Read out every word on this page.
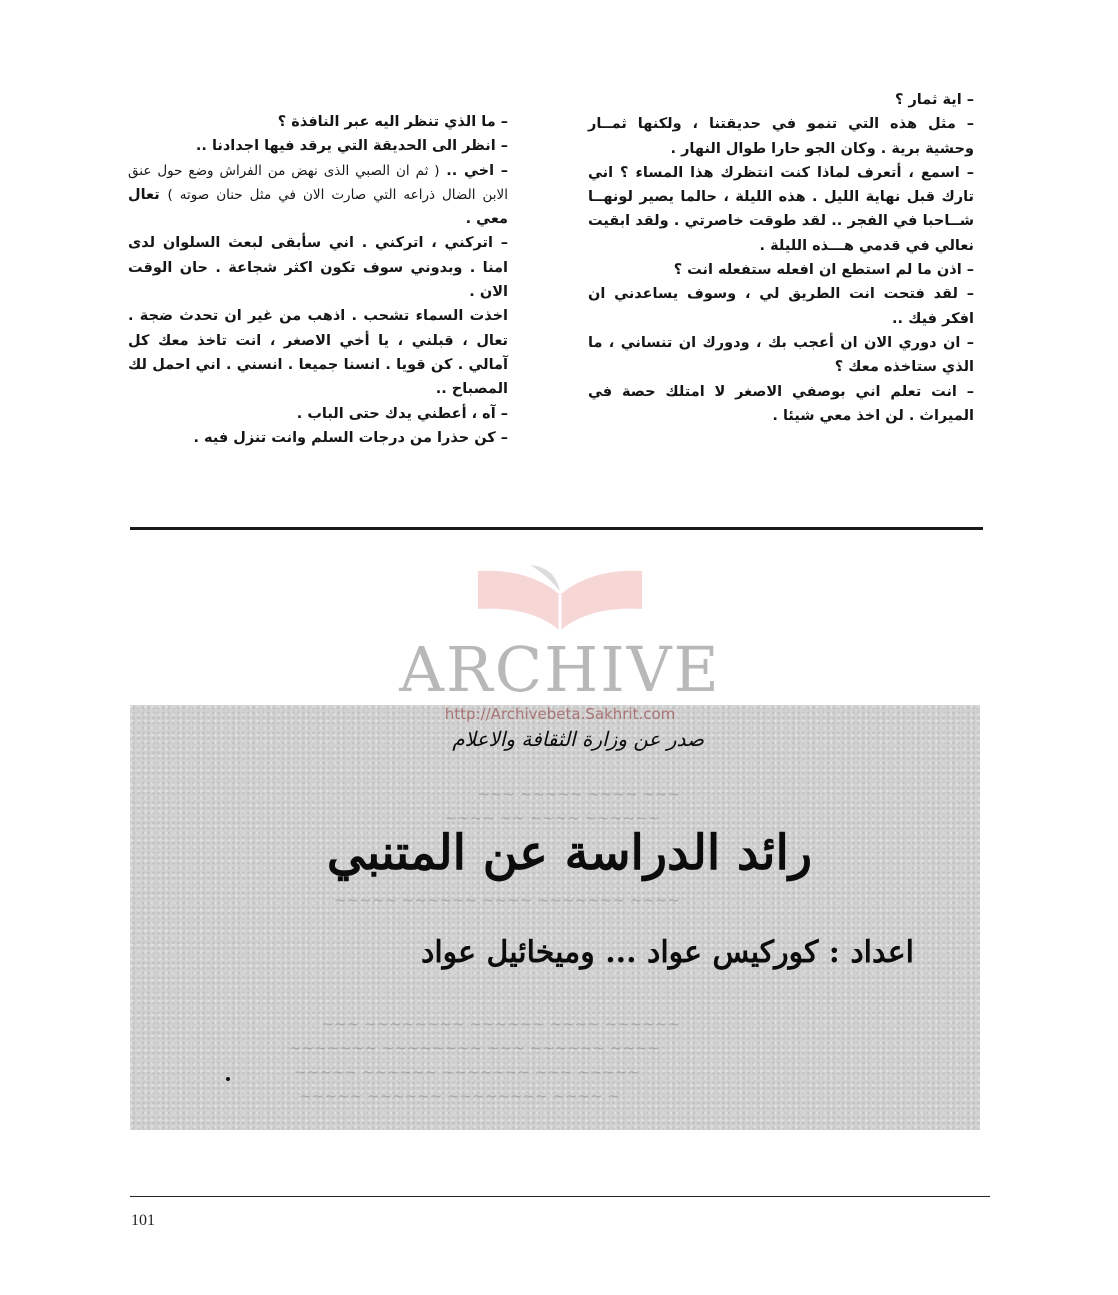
– اية ثمار ؟

– مثل هذه التي تنمو في حديقتنا ، ولكنها ثمــار وحشية برية . وكان الجو حارا طوال النهار .

– اسمع ، أتعرف لماذا كنت انتظرك هذا المساء ؟ اني تارك قبل نهاية الليل . هذه الليلة ، حالما يصير لونهــا شــاحبا في الفجر .. لقد طوقت خاصرتي . ولقد ابقيت نعالي في قدمي هـــذه الليلة .

– اذن ما لم استطع ان افعله ستفعله انت ؟

– لقد فتحت انت الطريق لي ، وسوف يساعدني ان افكر فيك ..

– ان دوري الان ان أعجب بك ، ودورك ان تنساني ، ما الذي ستاخذه معك ؟

– انت تعلم اني بوصفي الاصغر لا امتلك حصة في الميراث . لن اخذ معي شيئا .

– ما الذي تنظر اليه عبر النافذة ؟

– انظر الى الحديقة التي يرقد فيها اجدادنا ..

– اخي .. ( ثم ان الصبي الذى نهض من الفراش وضع حول عنق الابن الضال ذراعه التي صارت الان في مثل حنان صوته ) تعال معي .

– اتركني ، اتركني . اني سأبقى لبعث السلوان لدى امنا . وبدوني سوف تكون اكثر شجاعة . حان الوقت الان .

اخذت السماء تشحب . اذهب من غير ان تحدث ضجة . تعال ، قبلني ، يا أخي الاصغر ، انت تاخذ معك كل آمالي . كن قويا . انسنا جميعا . انسني . اني احمل لك المصباح ..

– آه ، أعطني يدك حتى الباب .

– كن حذرا من درجات السلم وانت تنزل فيه .

~~~ ~~~~ ~~~~~ ~~~
~~~~~~ ~~~~ ~~ ~~~~
~~~~ ~~~~~~~ ~~~~ ~~~~~~ ~~~~~
~~~~~~ ~~~~ ~~~~~~ ~~~~~~~~ ~~~
~~~~ ~~~~~~ ~~~ ~~~~~~~~ ~~~~~~~
~~~~~ ~~~ ~~~~~~~ ~~~~~~ ~~~~~
~ ~~~~ ~~~~~~~~ ~~~~~~ ~~~~~
صدر عن وزارة الثقافة والاعلام
رائد الدراسة عن المتنبي
اعداد : كوركيس عواد ... وميخائيل عواد
ARCHIVE
http://Archivebeta.Sakhrit.com
101
